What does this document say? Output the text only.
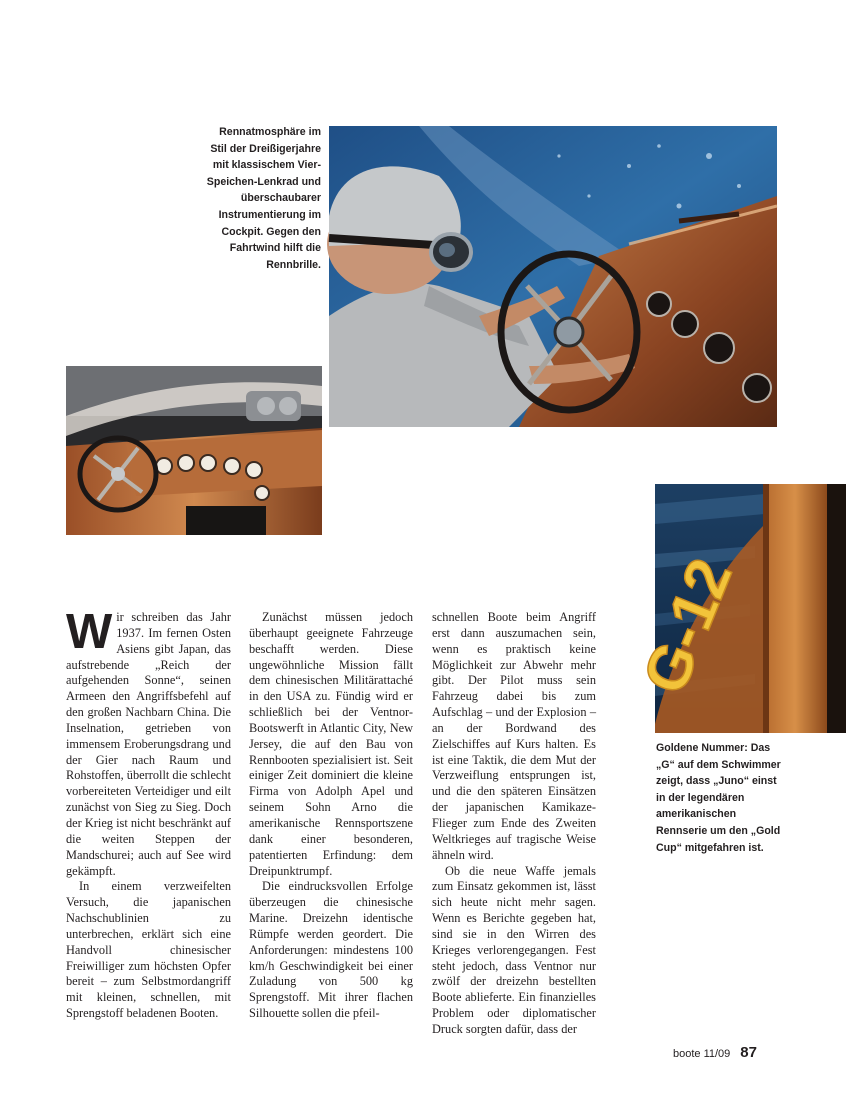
Rennatmosphäre im Stil der Dreißigerjahre mit klassischem Vier-Speichen-Lenkrad und überschaubarer Instrumentierung im Cockpit. Gegen den Fahrtwind hilft die Rennbrille.
G-12
Goldene Nummer: Das „G“ auf dem Schwimmer zeigt, dass „Juno“ einst in der legendären amerikanischen Rennserie um den „Gold Cup“ mitgefahren ist.

Wir schreiben das Jahr 1937. Im fernen Osten Asiens gibt Japan, das aufstrebende „Reich der aufgehenden Sonne“, seinen Armeen den Angriffsbefehl auf den großen Nachbarn China. Die Inselnation, getrieben von immensem Eroberungsdrang und der Gier nach Raum und Rohstoffen, überrollt die schlecht vorbereiteten Verteidiger und eilt zunächst von Sieg zu Sieg. Doch der Krieg ist nicht beschränkt auf die weiten Steppen der Mandschurei; auch auf See wird gekämpft.

In einem verzweifelten Versuch, die japanischen Nachschublinien zu unterbrechen, erklärt sich eine Handvoll chinesischer Freiwilliger zum höchsten Opfer bereit – zum Selbstmordangriff mit kleinen, schnellen, mit Sprengstoff beladenen Booten.

Zunächst müssen jedoch überhaupt geeignete Fahrzeuge beschafft werden. Diese ungewöhnliche Mission fällt dem chinesischen Militärattaché in den USA zu. Fündig wird er schließlich bei der Ventnor-Bootswerft in Atlantic City, New Jersey, die auf den Bau von Rennbooten spezialisiert ist. Seit einiger Zeit dominiert die kleine Firma von Adolph Apel und seinem Sohn Arno die amerikanische Rennsportszene dank einer besonderen, patentierten Erfindung: dem Dreipunktrumpf.

Die eindrucksvollen Erfolge überzeugen die chinesische Marine. Dreizehn identische Rümpfe werden geordert. Die Anforderungen: mindestens 100 km/h Geschwindigkeit bei einer Zuladung von 500 kg Sprengstoff. Mit ihrer flachen Silhouette sollen die pfeil-

schnellen Boote beim Angriff erst dann auszumachen sein, wenn es praktisch keine Möglichkeit zur Abwehr mehr gibt. Der Pilot muss sein Fahrzeug dabei bis zum Aufschlag – und der Explosion – an der Bordwand des Zielschiffes auf Kurs halten. Es ist eine Taktik, die dem Mut der Verzweiflung entsprungen ist, und die den späteren Einsätzen der japanischen Kamikaze-Flieger zum Ende des Zweiten Weltkrieges auf tragische Weise ähneln wird.

Ob die neue Waffe jemals zum Einsatz gekommen ist, lässt sich heute nicht mehr sagen. Wenn es Berichte gegeben hat, sind sie in den Wirren des Krieges verlorengegangen. Fest steht jedoch, dass Ventnor nur zwölf der dreizehn bestellten Boote ablieferte. Ein finanzielles Problem oder diplomatischer Druck sorgten dafür, dass der

boote 11/09 87
